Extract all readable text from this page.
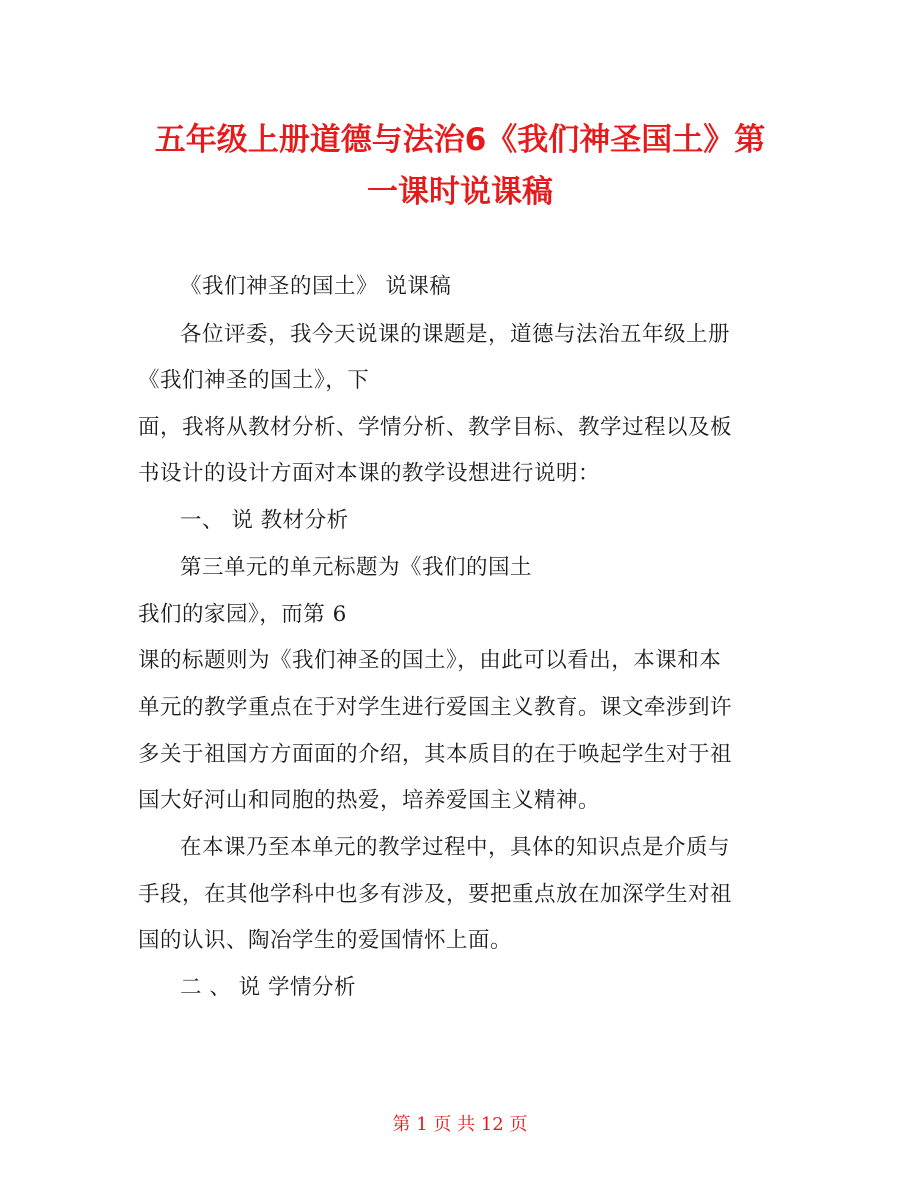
五年级上册道德与法治6《我们神圣国土》第
一课时说课稿
《我们神圣的国土》 说课稿
各位评委，我今天说课的课题是，道德与法治五年级上册
《我们神圣的国土》，下
面，我将从教材分析、学情分析、教学目标、教学过程以及板
书设计的设计方面对本课的教学设想进行说明：
一、 说 教材分析
第三单元的单元标题为《我们的国土
我们的家园》，而第 6
课的标题则为《我们神圣的国土》，由此可以看出，本课和本
单元的教学重点在于对学生进行爱国主义教育。课文牵涉到许
多关于祖国方方面面的介绍，其本质目的在于唤起学生对于祖
国大好河山和同胞的热爱，培养爱国主义精神。
在本课乃至本单元的教学过程中，具体的知识点是介质与
手段，在其他学科中也多有涉及，要把重点放在加深学生对祖
国的认识、陶冶学生的爱国情怀上面。
二 、 说 学情分析
第 1 页 共 12 页
